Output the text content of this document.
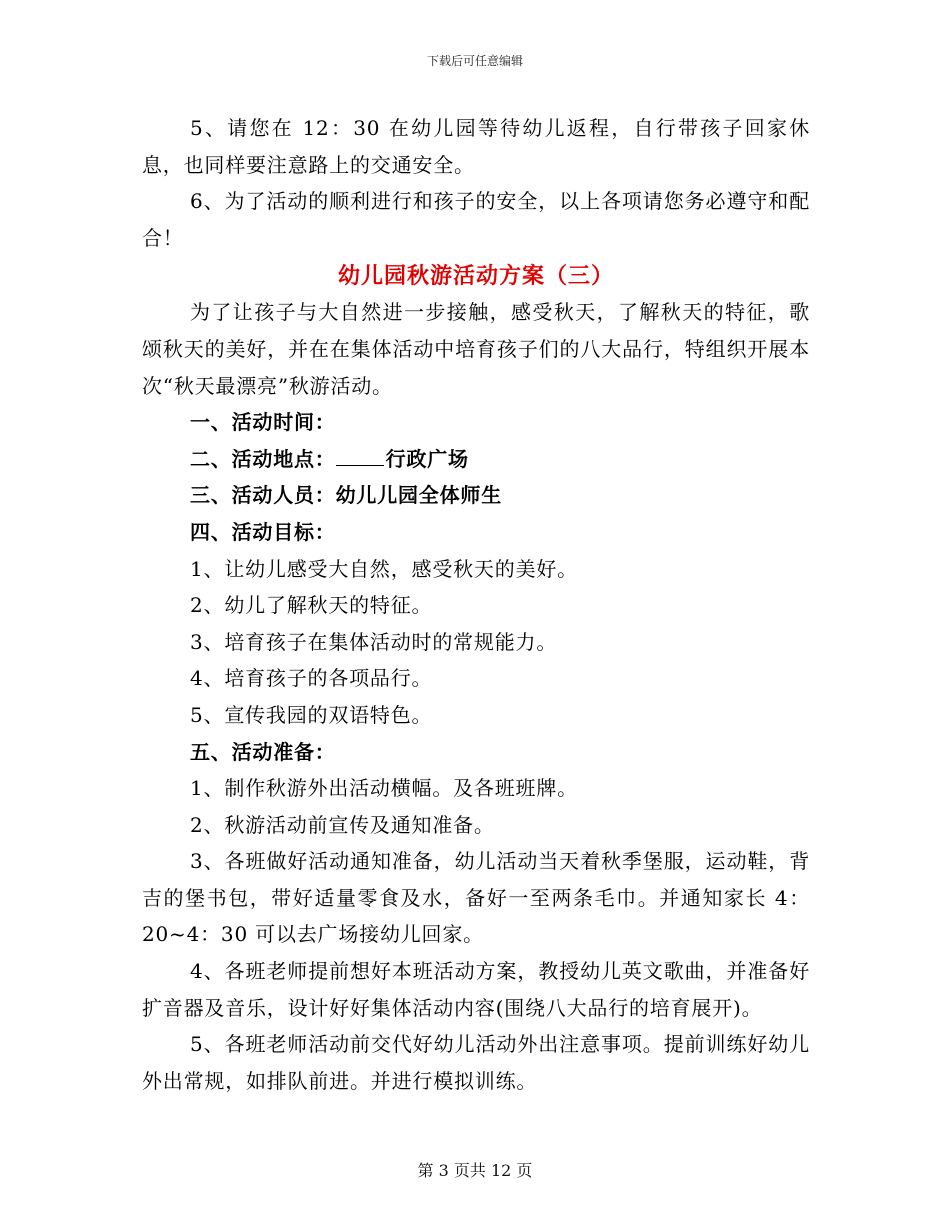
下载后可任意编辑

5、请您在 12：30 在幼儿园等待幼儿返程，自行带孩子回家休息，也同样要注意路上的交通安全。

6、为了活动的顺利进行和孩子的安全，以上各项请您务必遵守和配合！

幼儿园秋游活动方案（三）

为了让孩子与大自然进一步接触，感受秋天，了解秋天的特征，歌颂秋天的美好，并在在集体活动中培育孩子们的八大品行，特组织开展本次“秋天最漂亮”秋游活动。

一、活动时间：

二、活动地点：	行政广场

三、活动人员：幼儿儿园全体师生

四、活动目标：

1、让幼儿感受大自然，感受秋天的美好。

2、幼儿了解秋天的特征。

3、培育孩子在集体活动时的常规能力。

4、培育孩子的各项品行。

5、宣传我园的双语特色。

五、活动准备：

1、制作秋游外出活动横幅。及各班班牌。

2、秋游活动前宣传及通知准备。

3、各班做好活动通知准备，幼儿活动当天着秋季堡服，运动鞋，背吉的堡书包，带好适量零食及水，备好一至两条毛巾。并通知家长 4：20~4：30 可以去广场接幼儿回家。

4、各班老师提前想好本班活动方案，教授幼儿英文歌曲，并准备好扩音器及音乐，设计好好集体活动内容(围绕八大品行的培育展开)。

5、各班老师活动前交代好幼儿活动外出注意事项。提前训练好幼儿外出常规，如排队前进。并进行模拟训练。

第 3 页共 12 页
